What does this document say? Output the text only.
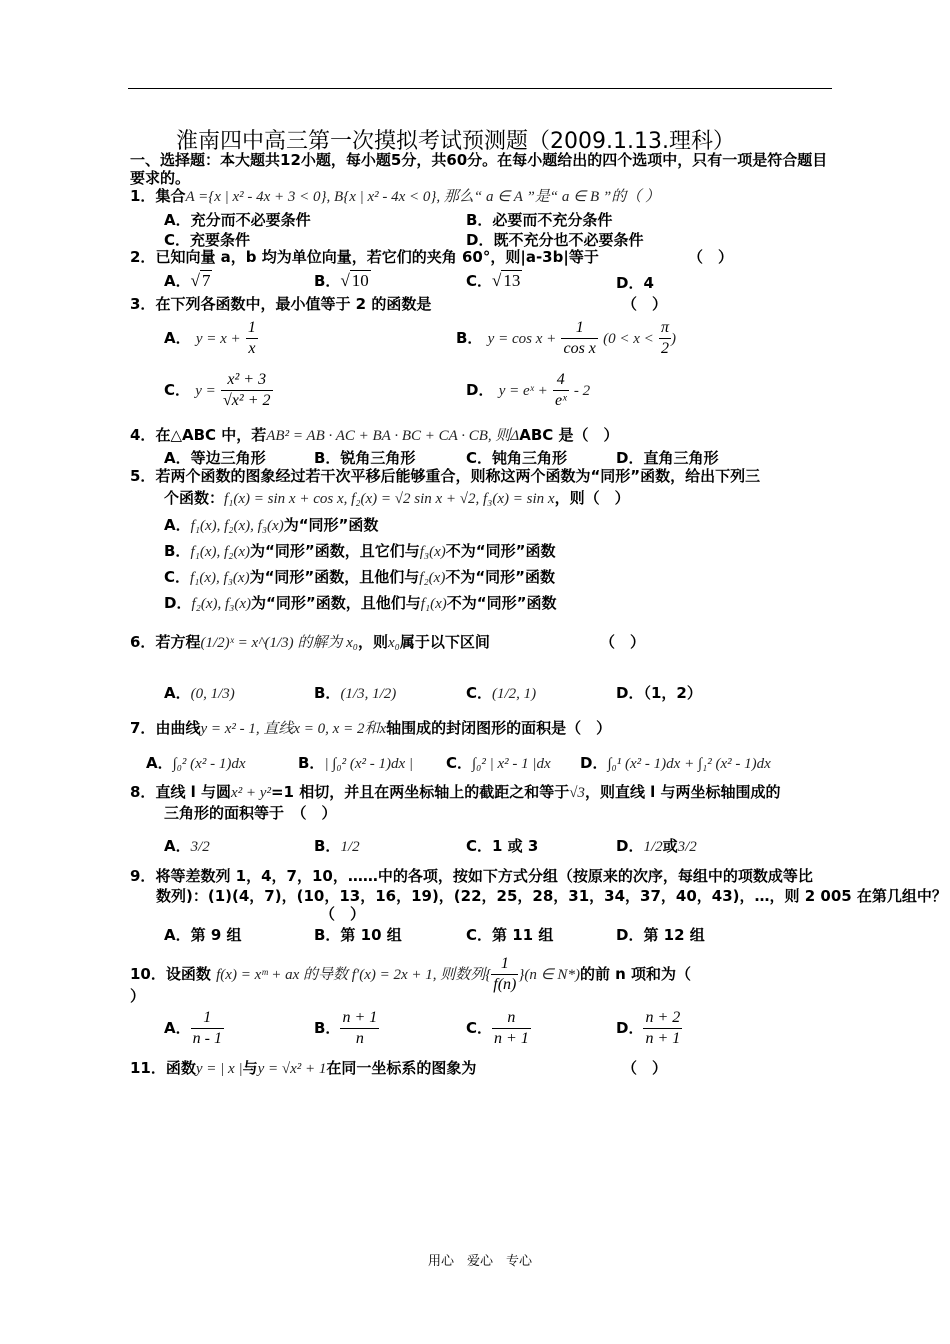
淮南四中高三第一次摸拟考试预测题（2009.1.13.理科）
一、选择题：本大题共12小题，每小题5分，共60分。在每小题给出的四个选项中，只有一项是符合题目要求的。
1．集合A ={x | x² - 4x + 3 < 0}, B{x | x² - 4x < 0}, 那么“ a ∈ A ”是“ a ∈ B ”的（ ）
A．充分而不必要条件	B．必要而不充分条件
C．充要条件	D．既不充分也不必要条件
2．已知向量 a，b 均为单位向量，若它们的夹角 60°，则|a-3b|等于	（　）
A．√ 7	B．√ 10	C．√ 13	D．4
3．在下列各函数中，最小值等于 2 的函数是	（　）
A． $y = x + \frac{1}{x}$	B． $y = \cos x + \frac{1}{\text{cos x}} (0 < x < \frac{\pi}{2}$ )
C． $y = \frac{\text{x² + 3}}{\text{√x² + 2}}$	D． y = eˣ + $\frac{4}{\text{eˣ}} - 2$
4．在△ABC 中，若AB² = AB · AC + BA · BC + CA · CB, 则ΔABC 是（　）
A．等边三角形	B．锐角三角形	C．钝角三角形	D．直角三角形
5．若两个函数的图象经过若干次平移后能够重合，则称这两个函数为“同形”函数，给出下列三
个函数：f₁(x) = sin x + cos x, f₂(x) = √2 sin x + √2, f₃(x) = sin x，则（　）
A．f₁(x), f₂(x), f₃(x)为“同形”函数
B．f₁(x), f₂(x)为“同形”函数，且它们与f₃(x)不为“同形”函数
C．f₁(x), f₃(x)为“同形”函数，且他们与f₂(x)不为“同形”函数
D．f₂(x), f₃(x)为“同形”函数，且他们与f₁(x)不为“同形”函数
6．若方程(1/2)ˣ = x^(1/3) 的解为 x₀，则x₀属于以下区间	（　）
A．(0, 1/3)	B．(1/3, 1/2)	C．(1/2, 1)	D．（1，2）
7．由曲线y = x² - 1, 直线x = 0, x = 2和x轴围成的封闭图形的面积是（　）
A．∫₀² (x² - 1)dx	B．| ∫₀² (x² - 1)dx | C．∫₀² | x² - 1 |dx D．∫₀¹ (x² - 1)dx + ∫₁² (x² - 1)dx
8．直线 l 与圆x² + y²=1 相切，并且在两坐标轴上的截距之和等于√3，则直线 l 与两坐标轴围成的
三角形的面积等于　 （　）
A．3/2	B．1/2	C．1 或 3	D．1/2或3/2
9．将等差数列 1，4，7，10，……中的各项，按如下方式分组（按原来的次序，每组中的项数成等比
数列)：(1)(4，7)，(10，13，16，19)，(22，25，28，31，34，37，40，43)，…，则 2 005 在第几组中？
（　）
A．第 9 组	B．第 10 组	C．第 11 组	D．第 12 组
10．设函数 f(x) = xᵐ + ax 的导数 f′(x) = 2x + 1, 则数列{ $\frac{1}{f(n)} \}(n$ ∈ N*)的前 n 项和为（
）
A． $\frac{1}{n - 1}$	B． $\frac{n + 1}{n}$	C． $\frac{n}{n + 1}$	D． $\frac{n + 2}{n + 1}$
11．函数y = | x |与y = √x² + 1在同一坐标系的图象为	（　）
用心　爱心　专心
